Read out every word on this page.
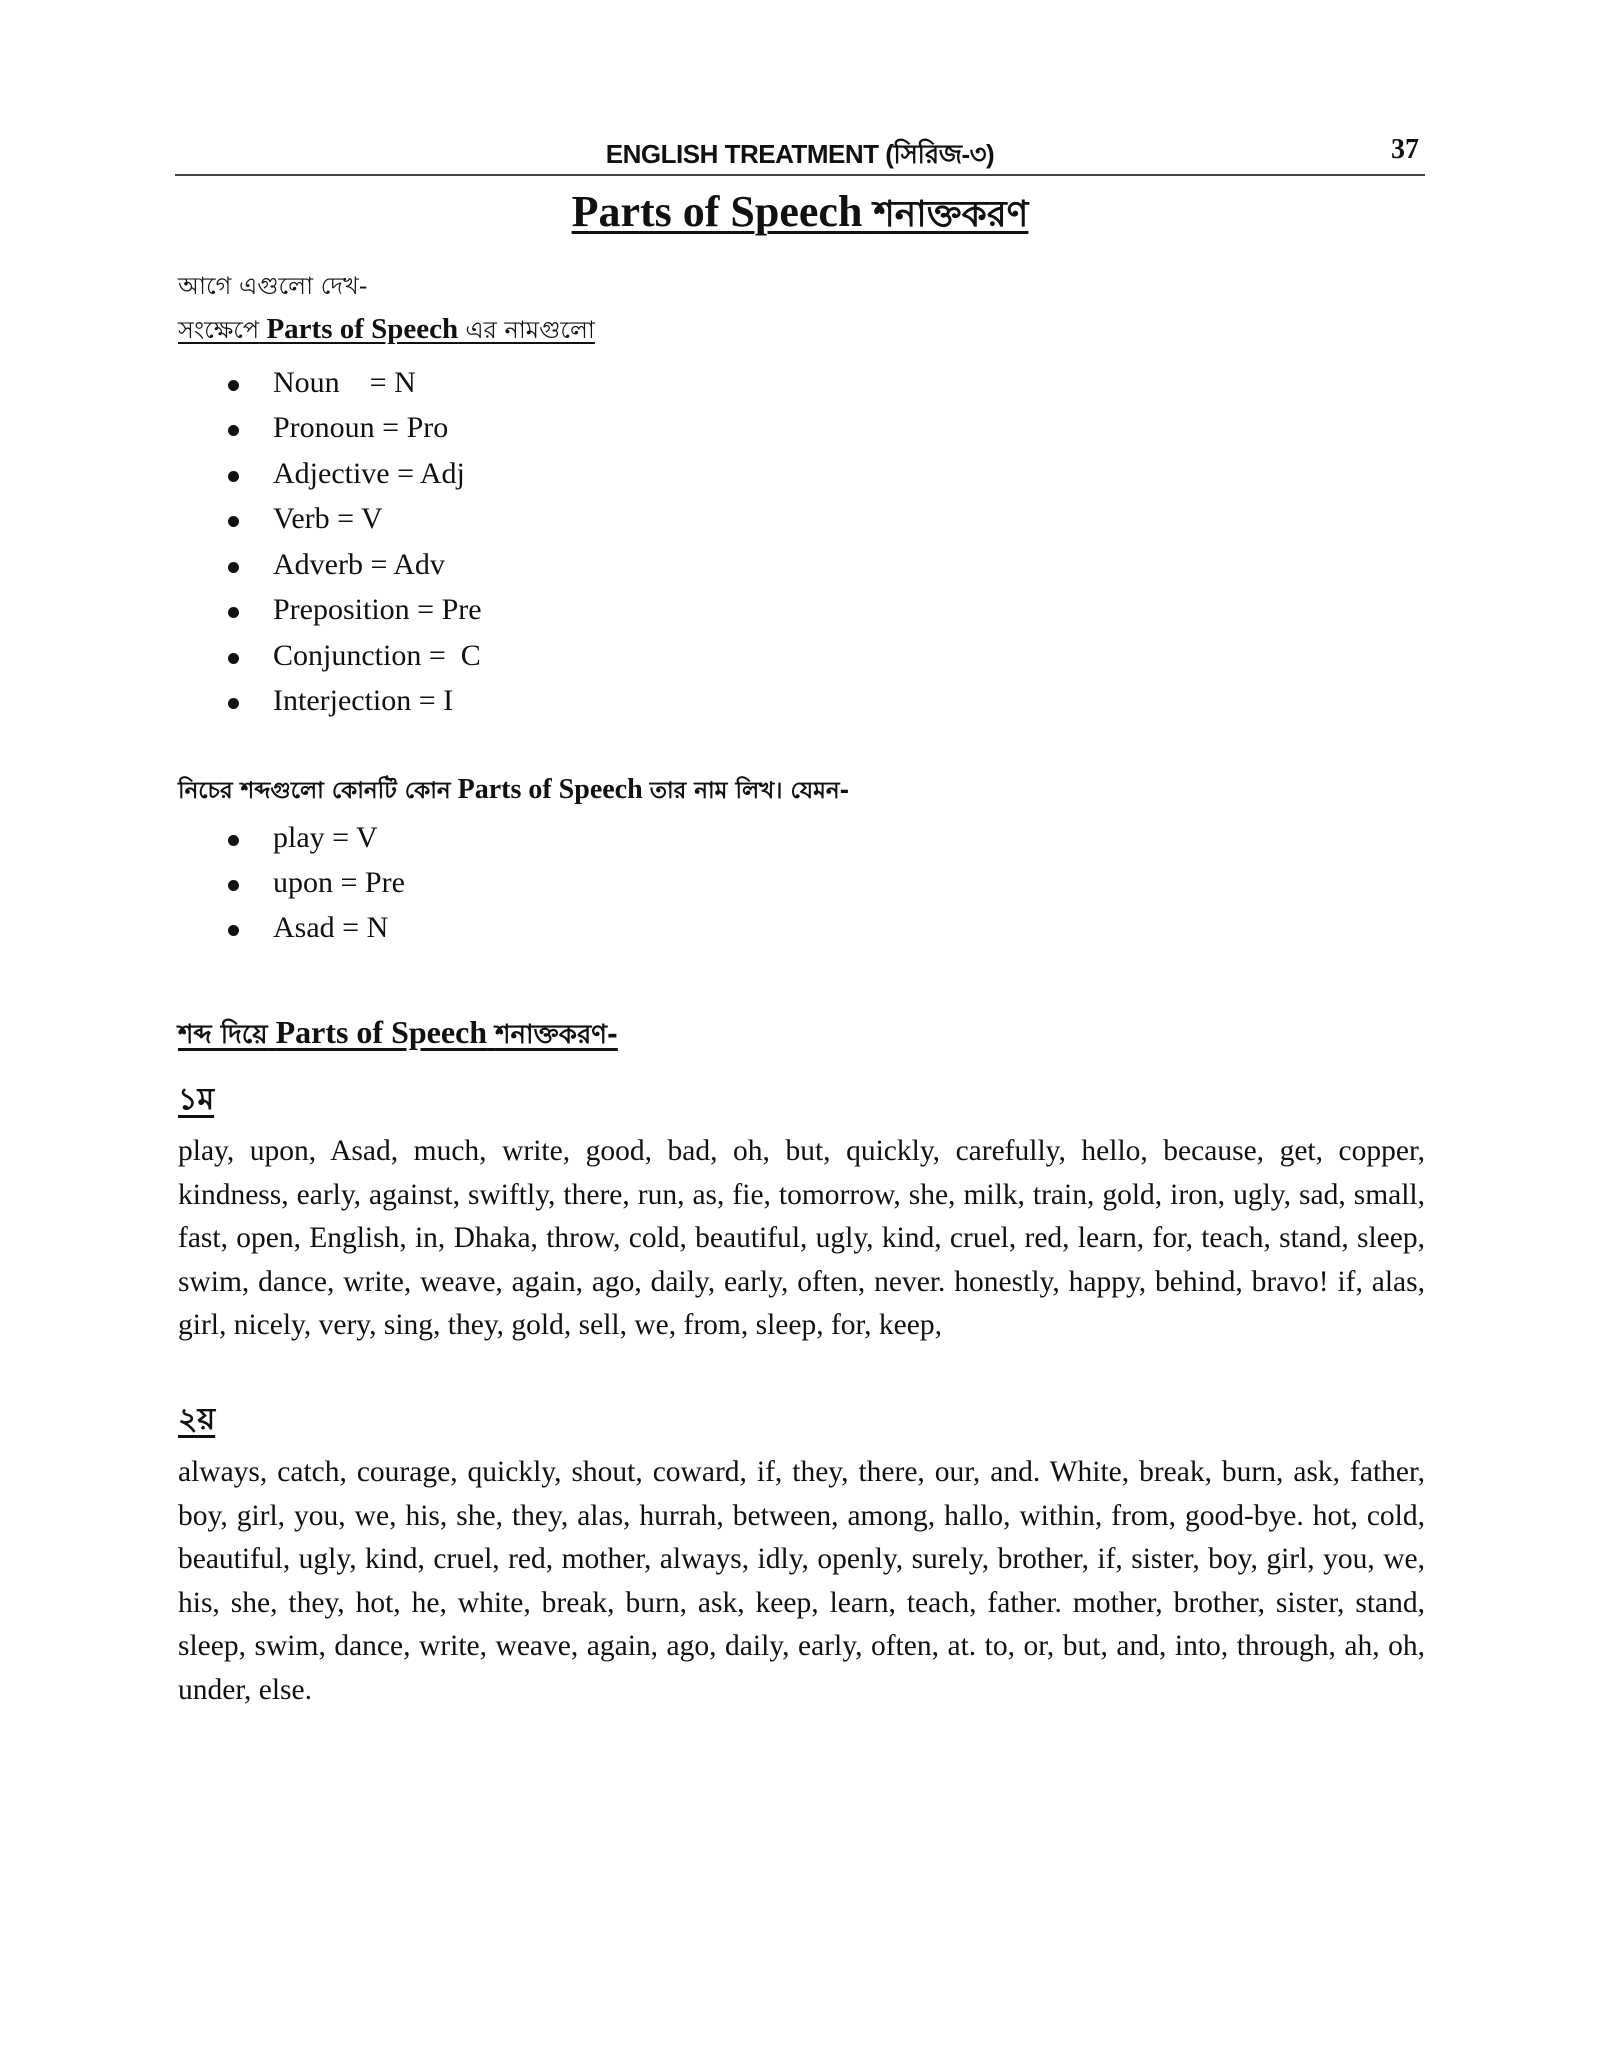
ENGLISH TREATMENT (সিরিজ-৩)	37
Parts of Speech শনাক্তকরণ
আগে এগুলো দেখ-
সংক্ষেপে Parts of Speech এর নামগুলো
Noun    = N
Pronoun = Pro
Adjective = Adj
Verb = V
Adverb = Adv
Preposition = Pre
Conjunction =  C
Interjection = I
নিচের শব্দগুলো কোনটি কোন Parts of Speech তার নাম লিখ। যেমন-
play = V
upon = Pre
Asad = N
শব্দ দিয়ে Parts of Speech শনাক্তকরণ-
১ম

play, upon, Asad, much, write, good, bad, oh, but, quickly, carefully, hello, because, get, copper, kindness, early, against, swiftly, there, run, as, fie, tomorrow, she, milk, train, gold, iron, ugly, sad, small, fast, open, English, in, Dhaka, throw, cold, beautiful, ugly, kind, cruel, red, learn, for, teach, stand, sleep, swim, dance, write, weave, again, ago, daily, early, often, never. honestly, happy, behind, bravo! if, alas, girl, nicely, very, sing, they, gold, sell, we, from, sleep, for, keep,

২য়

always, catch, courage, quickly, shout, coward, if, they, there, our, and. White, break, burn, ask, father, boy, girl, you, we, his, she, they, alas, hurrah, between, among, hallo, within, from, good-bye. hot, cold, beautiful, ugly, kind, cruel, red, mother, always, idly, openly, surely, brother, if, sister, boy, girl, you, we, his, she, they, hot, he, white, break, burn, ask, keep, learn, teach, father. mother, brother, sister, stand, sleep, swim, dance, write, weave, again, ago, daily, early, often, at. to, or, but, and, into, through, ah, oh, under, else.
